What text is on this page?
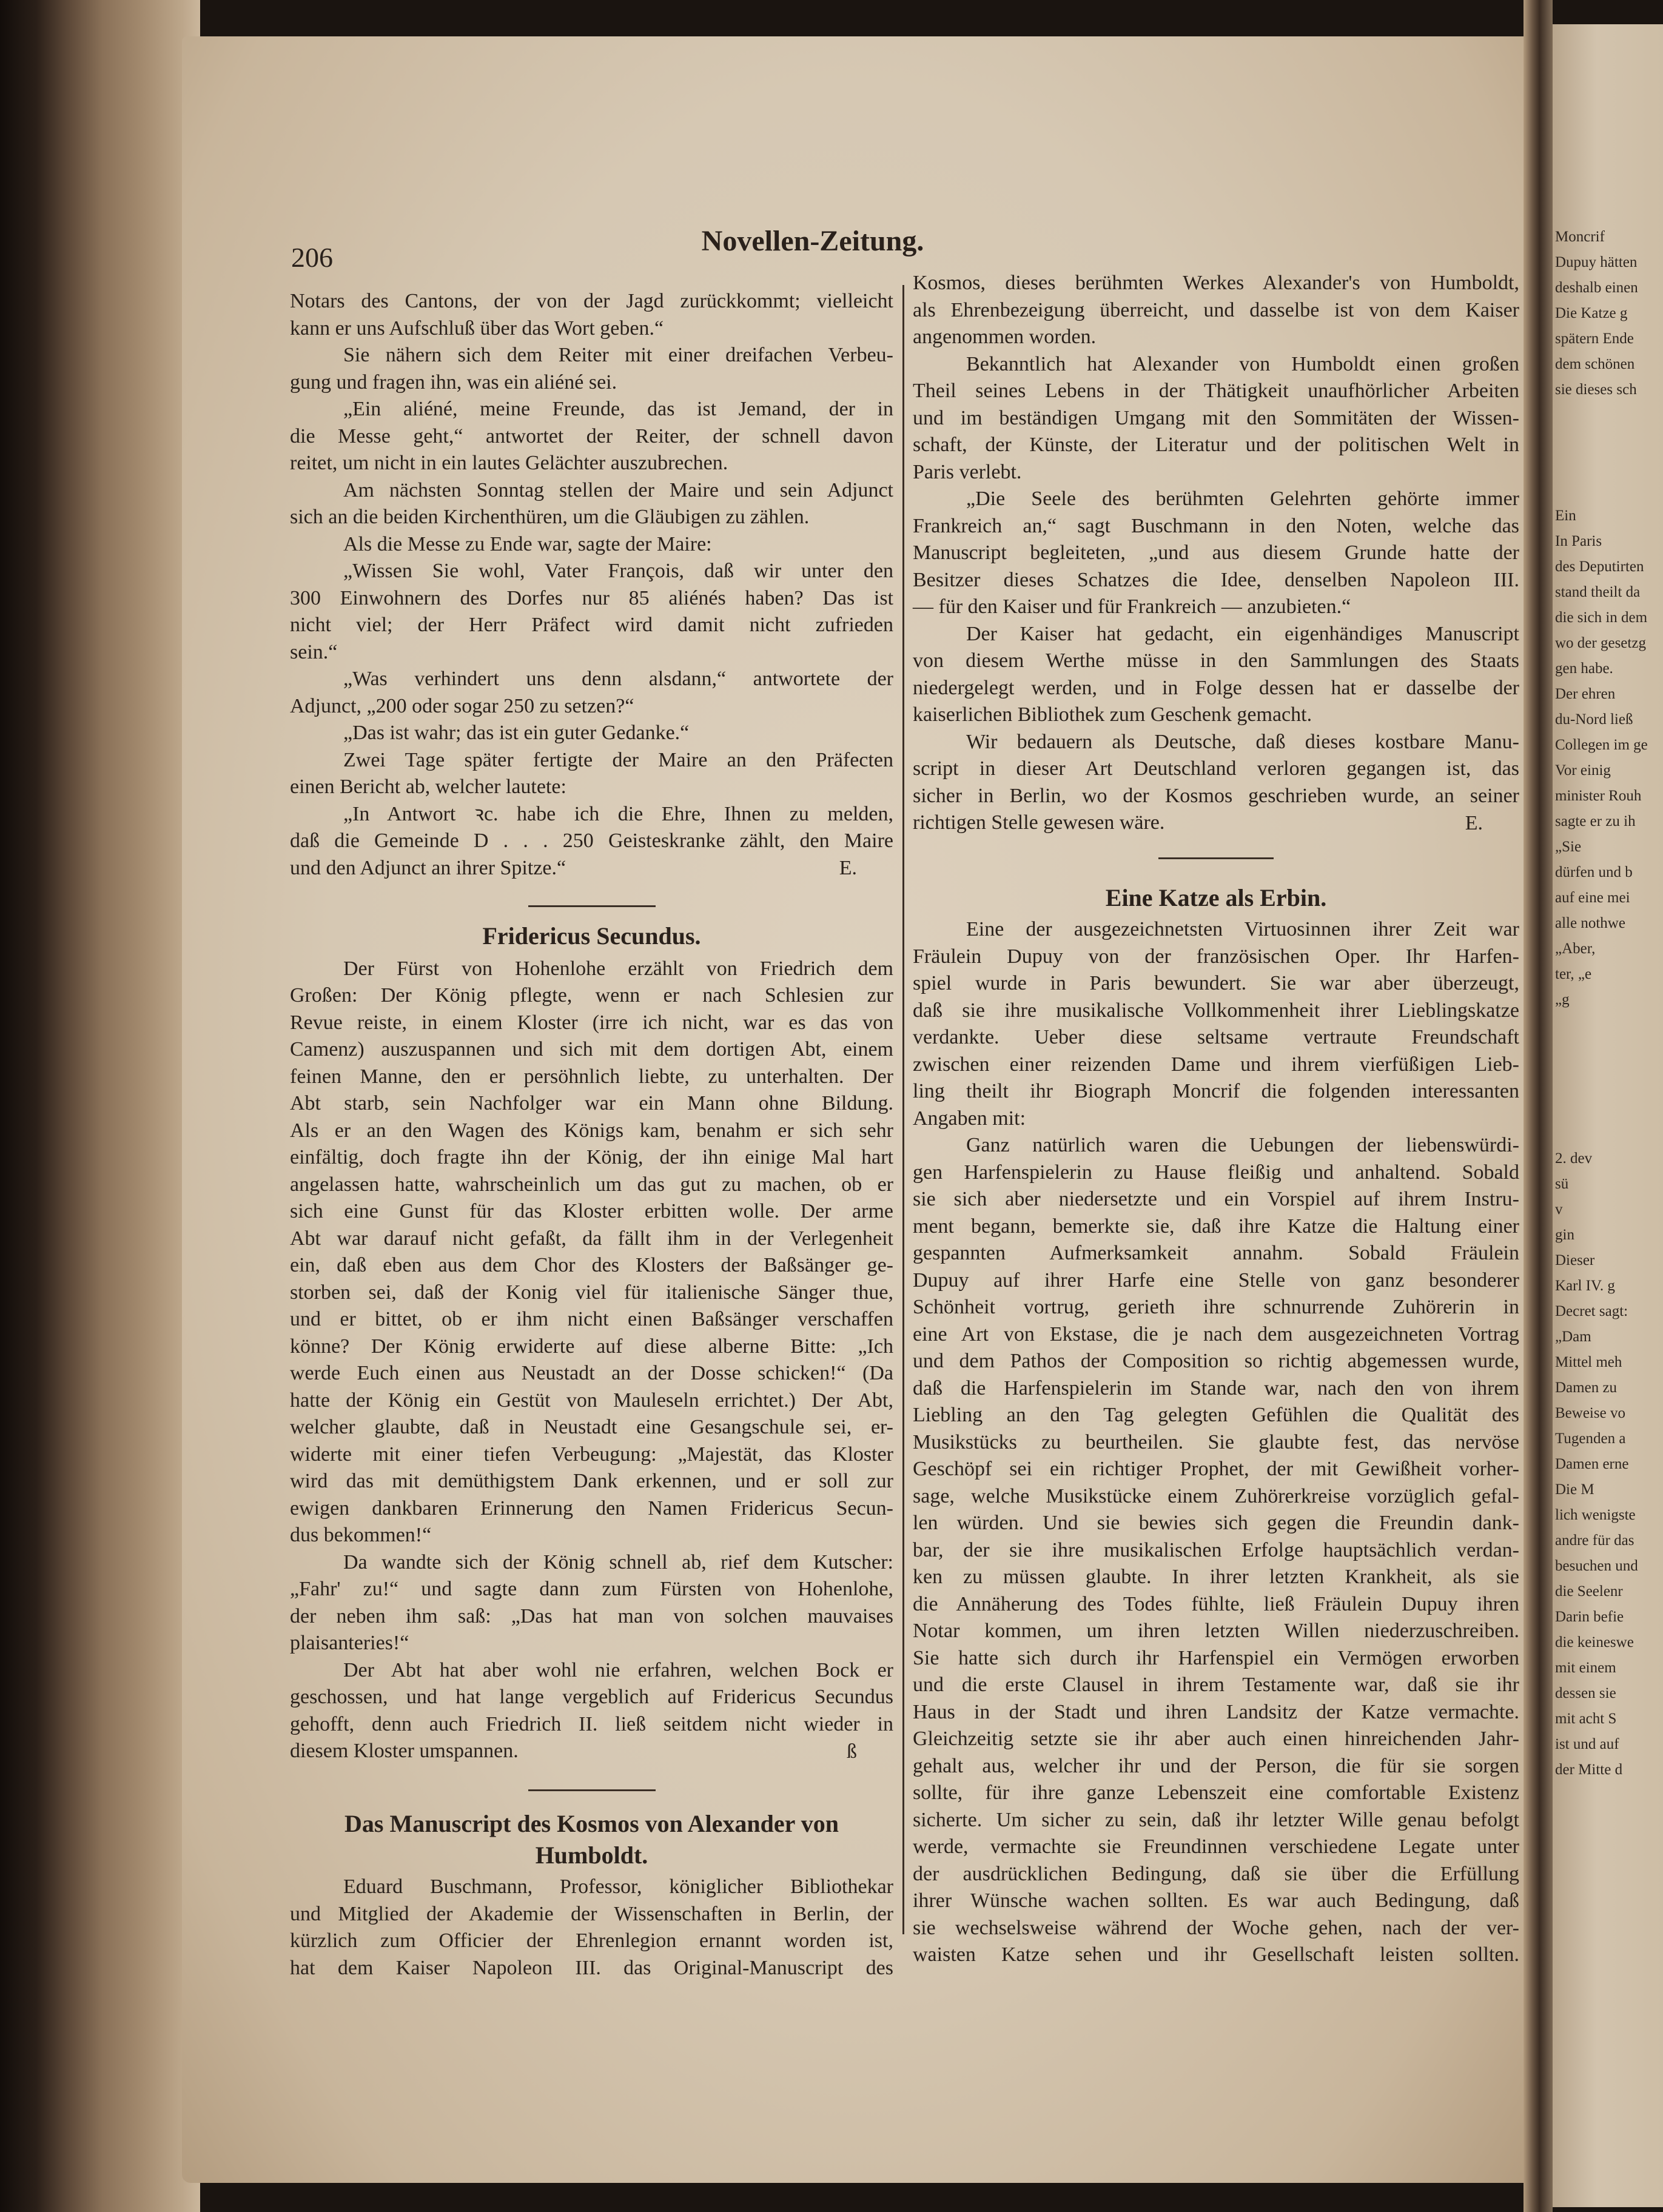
Moncrif
Dupuy hätten
deshalb einen
Die Katze g
spätern Ende
dem schönen
sie dieses sch
Ein
In Paris
des Deputirten
stand theilt da
die sich in dem
wo der gesetzg
gen habe.
Der ehren
du-Nord ließ
Collegen im ge
Vor einig
minister Rouh
sagte er zu ih
„Sie
dürfen und b
auf eine mei
alle nothwe
„Aber,
ter, „e
„g
2. dev
sü
v
gin
Dieser
Karl IV. g
Decret sagt:
„Dam
Mittel meh
Damen zu
Beweise vo
Tugenden a
Damen erne
Die M
lich wenigste
andre für das
besuchen und
die Seelenr
Darin befie
die keineswe
mit einem
dessen sie
mit acht S
ist und auf
der Mitte d
206
Novellen-Zeitung.
Notars des Cantons, der von der Jagd zurückkommt; vielleicht
kann er uns Aufschluß über das Wort geben.“
Sie nähern sich dem Reiter mit einer dreifachen Verbeu-
gung und fragen ihn, was ein aliéné sei.
„Ein aliéné, meine Freunde, das ist Jemand, der in
die Messe geht,“ antwortet der Reiter, der schnell davon
reitet, um nicht in ein lautes Gelächter auszubrechen.
Am nächsten Sonntag stellen der Maire und sein Adjunct
sich an die beiden Kirchenthüren, um die Gläubigen zu zählen.
Als die Messe zu Ende war, sagte der Maire:
„Wissen Sie wohl, Vater François, daß wir unter den
300 Einwohnern des Dorfes nur 85 aliénés haben? Das ist
nicht viel; der Herr Präfect wird damit nicht zufrieden
sein.“
„Was verhindert uns denn alsdann,“ antwortete der
Adjunct, „200 oder sogar 250 zu setzen?“
„Das ist wahr; das ist ein guter Gedanke.“
Zwei Tage später fertigte der Maire an den Präfecten
einen Bericht ab, welcher lautete:
„In Antwort ꝛc. habe ich die Ehre, Ihnen zu melden,
daß die Gemeinde D . . . 250 Geisteskranke zählt, den Maire
und den Adjunct an ihrer Spitze.“	E.
Fridericus Secundus.
Der Fürst von Hohenlohe erzählt von Friedrich dem
Großen: Der König pflegte, wenn er nach Schlesien zur
Revue reiste, in einem Kloster (irre ich nicht, war es das von
Camenz) auszuspannen und sich mit dem dortigen Abt, einem
feinen Manne, den er persöhnlich liebte, zu unterhalten. Der
Abt starb, sein Nachfolger war ein Mann ohne Bildung.
Als er an den Wagen des Königs kam, benahm er sich sehr
einfältig, doch fragte ihn der König, der ihn einige Mal hart
angelassen hatte, wahrscheinlich um das gut zu machen, ob er
sich eine Gunst für das Kloster erbitten wolle. Der arme
Abt war darauf nicht gefaßt, da fällt ihm in der Verlegenheit
ein, daß eben aus dem Chor des Klosters der Baßsänger ge-
storben sei, daß der Konig viel für italienische Sänger thue,
und er bittet, ob er ihm nicht einen Baßsänger verschaffen
könne? Der König erwiderte auf diese alberne Bitte: „Ich
werde Euch einen aus Neustadt an der Dosse schicken!“ (Da
hatte der König ein Gestüt von Mauleseln errichtet.) Der Abt,
welcher glaubte, daß in Neustadt eine Gesangschule sei, er-
widerte mit einer tiefen Verbeugung: „Majestät, das Kloster
wird das mit demüthigstem Dank erkennen, und er soll zur
ewigen dankbaren Erinnerung den Namen Fridericus Secun-
dus bekommen!“
Da wandte sich der König schnell ab, rief dem Kutscher:
„Fahr' zu!“ und sagte dann zum Fürsten von Hohenlohe,
der neben ihm saß: „Das hat man von solchen mauvaises
plaisanteries!“
Der Abt hat aber wohl nie erfahren, welchen Bock er
geschossen, und hat lange vergeblich auf Fridericus Secundus
gehofft, denn auch Friedrich II. ließ seitdem nicht wieder in
diesem Kloster umspannen.	ß
Das Manuscript des Kosmos von Alexander von
Humboldt.
Eduard Buschmann, Professor, königlicher Bibliothekar
und Mitglied der Akademie der Wissenschaften in Berlin, der
kürzlich zum Officier der Ehrenlegion ernannt worden ist,
hat dem Kaiser Napoleon III. das Original-Manuscript des
Kosmos, dieses berühmten Werkes Alexander's von Humboldt,
als Ehrenbezeigung überreicht, und dasselbe ist von dem Kaiser
angenommen worden.
Bekanntlich hat Alexander von Humboldt einen großen
Theil seines Lebens in der Thätigkeit unaufhörlicher Arbeiten
und im beständigen Umgang mit den Sommitäten der Wissen-
schaft, der Künste, der Literatur und der politischen Welt in
Paris verlebt.
„Die Seele des berühmten Gelehrten gehörte immer
Frankreich an,“ sagt Buschmann in den Noten, welche das
Manuscript begleiteten, „und aus diesem Grunde hatte der
Besitzer dieses Schatzes die Idee, denselben Napoleon III.
— für den Kaiser und für Frankreich — anzubieten.“
Der Kaiser hat gedacht, ein eigenhändiges Manuscript
von diesem Werthe müsse in den Sammlungen des Staats
niedergelegt werden, und in Folge dessen hat er dasselbe der
kaiserlichen Bibliothek zum Geschenk gemacht.
Wir bedauern als Deutsche, daß dieses kostbare Manu-
script in dieser Art Deutschland verloren gegangen ist, das
sicher in Berlin, wo der Kosmos geschrieben wurde, an seiner
richtigen Stelle gewesen wäre.	E.
Eine Katze als Erbin.
Eine der ausgezeichnetsten Virtuosinnen ihrer Zeit war
Fräulein Dupuy von der französischen Oper. Ihr Harfen-
spiel wurde in Paris bewundert. Sie war aber überzeugt,
daß sie ihre musikalische Vollkommenheit ihrer Lieblingskatze
verdankte. Ueber diese seltsame vertraute Freundschaft
zwischen einer reizenden Dame und ihrem vierfüßigen Lieb-
ling theilt ihr Biograph Moncrif die folgenden interessanten
Angaben mit:
Ganz natürlich waren die Uebungen der liebenswürdi-
gen Harfenspielerin zu Hause fleißig und anhaltend. Sobald
sie sich aber niedersetzte und ein Vorspiel auf ihrem Instru-
ment begann, bemerkte sie, daß ihre Katze die Haltung einer
gespannten Aufmerksamkeit annahm. Sobald Fräulein
Dupuy auf ihrer Harfe eine Stelle von ganz besonderer
Schönheit vortrug, gerieth ihre schnurrende Zuhörerin in
eine Art von Ekstase, die je nach dem ausgezeichneten Vortrag
und dem Pathos der Composition so richtig abgemessen wurde,
daß die Harfenspielerin im Stande war, nach den von ihrem
Liebling an den Tag gelegten Gefühlen die Qualität des
Musikstücks zu beurtheilen. Sie glaubte fest, das nervöse
Geschöpf sei ein richtiger Prophet, der mit Gewißheit vorher-
sage, welche Musikstücke einem Zuhörerkreise vorzüglich gefal-
len würden. Und sie bewies sich gegen die Freundin dank-
bar, der sie ihre musikalischen Erfolge hauptsächlich verdan-
ken zu müssen glaubte. In ihrer letzten Krankheit, als sie
die Annäherung des Todes fühlte, ließ Fräulein Dupuy ihren
Notar kommen, um ihren letzten Willen niederzuschreiben.
Sie hatte sich durch ihr Harfenspiel ein Vermögen erworben
und die erste Clausel in ihrem Testamente war, daß sie ihr
Haus in der Stadt und ihren Landsitz der Katze vermachte.
Gleichzeitig setzte sie ihr aber auch einen hinreichenden Jahr-
gehalt aus, welcher ihr und der Person, die für sie sorgen
sollte, für ihre ganze Lebenszeit eine comfortable Existenz
sicherte. Um sicher zu sein, daß ihr letzter Wille genau befolgt
werde, vermachte sie Freundinnen verschiedene Legate unter
der ausdrücklichen Bedingung, daß sie über die Erfüllung
ihrer Wünsche wachen sollten. Es war auch Bedingung, daß
sie wechselsweise während der Woche gehen, nach der ver-
waisten Katze sehen und ihr Gesellschaft leisten sollten.
